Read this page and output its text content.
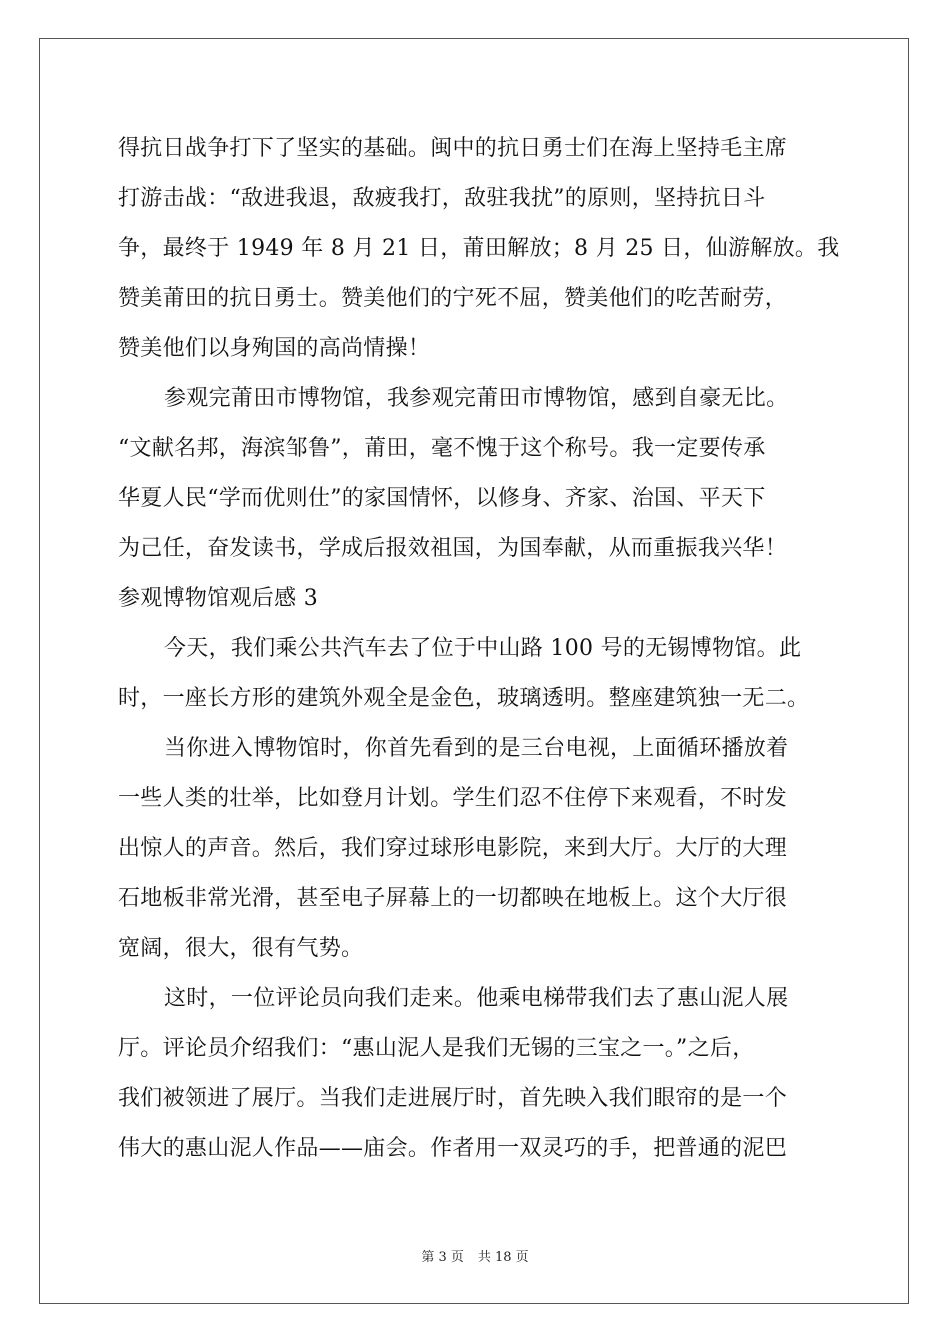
得抗日战争打下了坚实的基础。闽中的抗日勇士们在海上坚持毛主席
打游击战：“敌进我退，敌疲我打，敌驻我扰”的原则，坚持抗日斗
争，最终于 1949 年 8 月 21 日，莆田解放；8 月 25 日，仙游解放。我
赞美莆田的抗日勇士。赞美他们的宁死不屈，赞美他们的吃苦耐劳，
赞美他们以身殉国的高尚情操！
参观完莆田市博物馆，我参观完莆田市博物馆，感到自豪无比。
“文献名邦，海滨邹鲁”，莆田，毫不愧于这个称号。我一定要传承
华夏人民“学而优则仕”的家国情怀，以修身、齐家、治国、平天下
为己任，奋发读书，学成后报效祖国，为国奉献，从而重振我兴华！
参观博物馆观后感 3
今天，我们乘公共汽车去了位于中山路 100 号的无锡博物馆。此
时，一座长方形的建筑外观全是金色，玻璃透明。整座建筑独一无二。
当你进入博物馆时，你首先看到的是三台电视，上面循环播放着
一些人类的壮举，比如登月计划。学生们忍不住停下来观看，不时发
出惊人的声音。然后，我们穿过球形电影院，来到大厅。大厅的大理
石地板非常光滑，甚至电子屏幕上的一切都映在地板上。这个大厅很
宽阔，很大，很有气势。
这时，一位评论员向我们走来。他乘电梯带我们去了惠山泥人展
厅。评论员介绍我们：“惠山泥人是我们无锡的三宝之一。”之后，
我们被领进了展厅。当我们走进展厅时，首先映入我们眼帘的是一个
伟大的惠山泥人作品——庙会。作者用一双灵巧的手，把普通的泥巴
第 3 页 共 18 页
